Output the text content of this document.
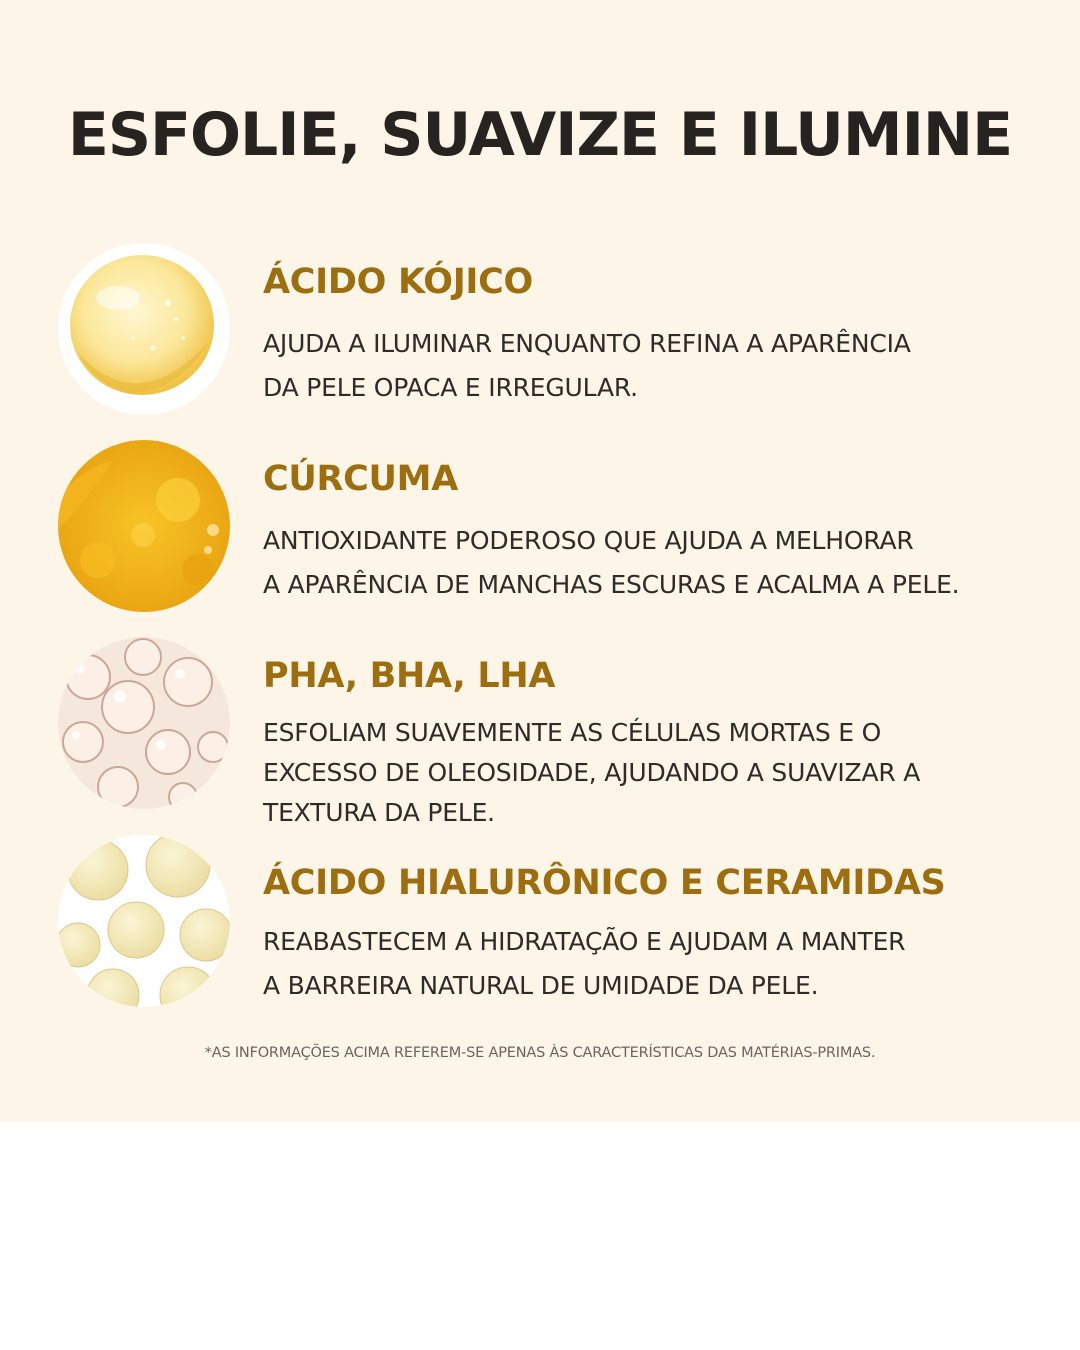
ESFOLIE, SUAVIZE E ILUMINE

ÁCIDO KÓJICO

AJUDA A ILUMINAR ENQUANTO REFINA A APARÊNCIA
DA PELE OPACA E IRREGULAR.

CÚRCUMA

ANTIOXIDANTE PODEROSO QUE AJUDA A MELHORAR
A APARÊNCIA DE MANCHAS ESCURAS E ACALMA A PELE.

PHA, BHA, LHA

ESFOLIAM SUAVEMENTE AS CÉLULAS MORTAS E O
EXCESSO DE OLEOSIDADE, AJUDANDO A SUAVIZAR A
TEXTURA DA PELE.

ÁCIDO HIALURÔNICO E CERAMIDAS

REABASTECEM A HIDRATAÇÃO E AJUDAM A MANTER
A BARREIRA NATURAL DE UMIDADE DA PELE.

*AS INFORMAÇÕES ACIMA REFEREM-SE APENAS ÀS CARACTERÍSTICAS DAS MATÉRIAS-PRIMAS.
